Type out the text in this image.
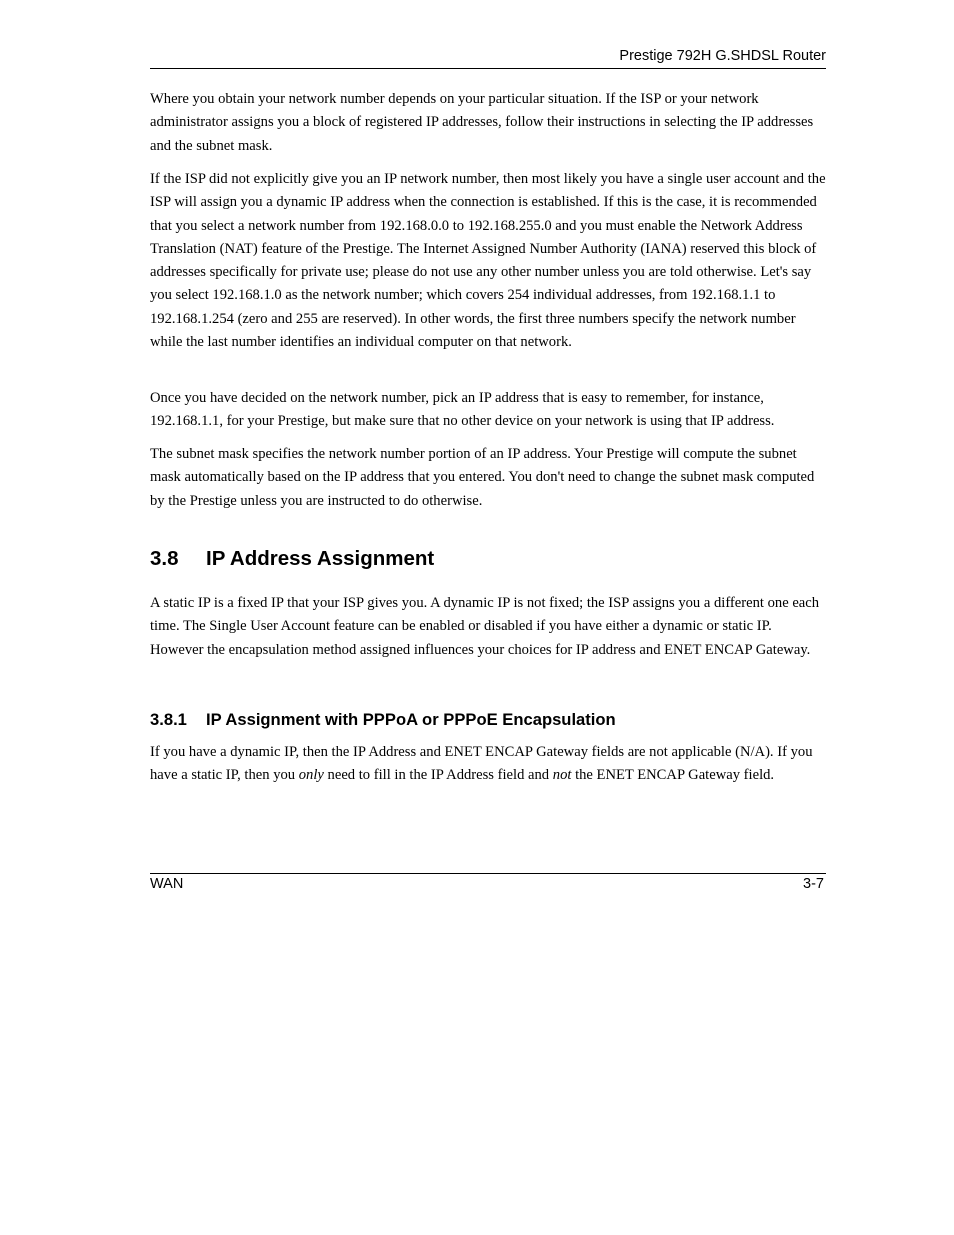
Prestige 792H G.SHDSL Router

Where you obtain your network number depends on your particular situation. If the ISP or your network administrator assigns you a block of registered IP addresses, follow their instructions in selecting the IP addresses and the subnet mask.

If the ISP did not explicitly give you an IP network number, then most likely you have a single user account and the ISP will assign you a dynamic IP address when the connection is established. If this is the case, it is recommended that you select a network number from 192.168.0.0 to 192.168.255.0 and you must enable the Network Address Translation (NAT) feature of the Prestige. The Internet Assigned Number Authority (IANA) reserved this block of addresses specifically for private use; please do not use any other number unless you are told otherwise. Let's say you select 192.168.1.0 as the network number; which covers 254 individual addresses, from 192.168.1.1 to 192.168.1.254 (zero and 255 are reserved). In other words, the first three numbers specify the network number while the last number identifies an individual computer on that network.

Once you have decided on the network number, pick an IP address that is easy to remember, for instance, 192.168.1.1, for your Prestige, but make sure that no other device on your network is using that IP address.

The subnet mask specifies the network number portion of an IP address. Your Prestige will compute the subnet mask automatically based on the IP address that you entered. You don't need to change the subnet mask computed by the Prestige unless you are instructed to do otherwise.

3.8 IP Address Assignment

A static IP is a fixed IP that your ISP gives you. A dynamic IP is not fixed; the ISP assigns you a different one each time. The Single User Account feature can be enabled or disabled if you have either a dynamic or static IP. However the encapsulation method assigned influences your choices for IP address and ENET ENCAP Gateway.

3.8.1 IP Assignment with PPPoA or PPPoE Encapsulation

If you have a dynamic IP, then the IP Address and ENET ENCAP Gateway fields are not applicable (N/A). If you have a static IP, then you only need to fill in the IP Address field and not the ENET ENCAP Gateway field.

WAN	3-7
